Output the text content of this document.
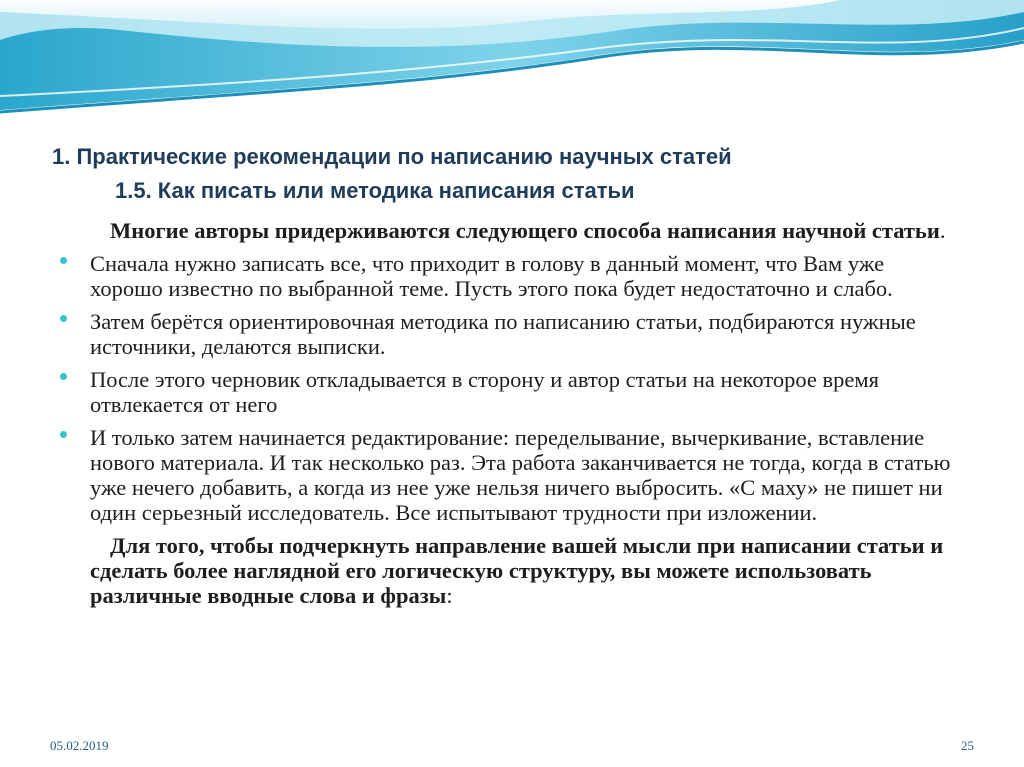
1. Практические рекомендации по написанию научных статей
1.5. Как писать или методика написания статьи

Многие авторы придерживаются следующего способа написания научной статьи.

Сначала нужно записать все, что приходит в голову в данный момент, что Вам уже хорошо известно по выбранной теме. Пусть этого пока будет недостаточно и слабо.
Затем берётся ориентировочная методика по написанию статьи, подбираются нужные источники, делаются выписки.
После этого черновик откладывается в сторону и автор статьи на некоторое время отвлекается от него
И только затем начинается редактирование: переделывание, вычеркивание, вставление нового материала. И так несколько раз. Эта работа заканчивается не тогда, когда в статью уже нечего добавить, а когда из нее уже нельзя ничего выбросить. «С маху» не пишет ни один серьезный исследователь. Все испытывают трудности при изложении.

Для того, чтобы подчеркнуть направление вашей мысли при написании статьи и сделать более наглядной его логическую структуру, вы можете использовать различные вводные слова и фразы:

05.02.2019	25
